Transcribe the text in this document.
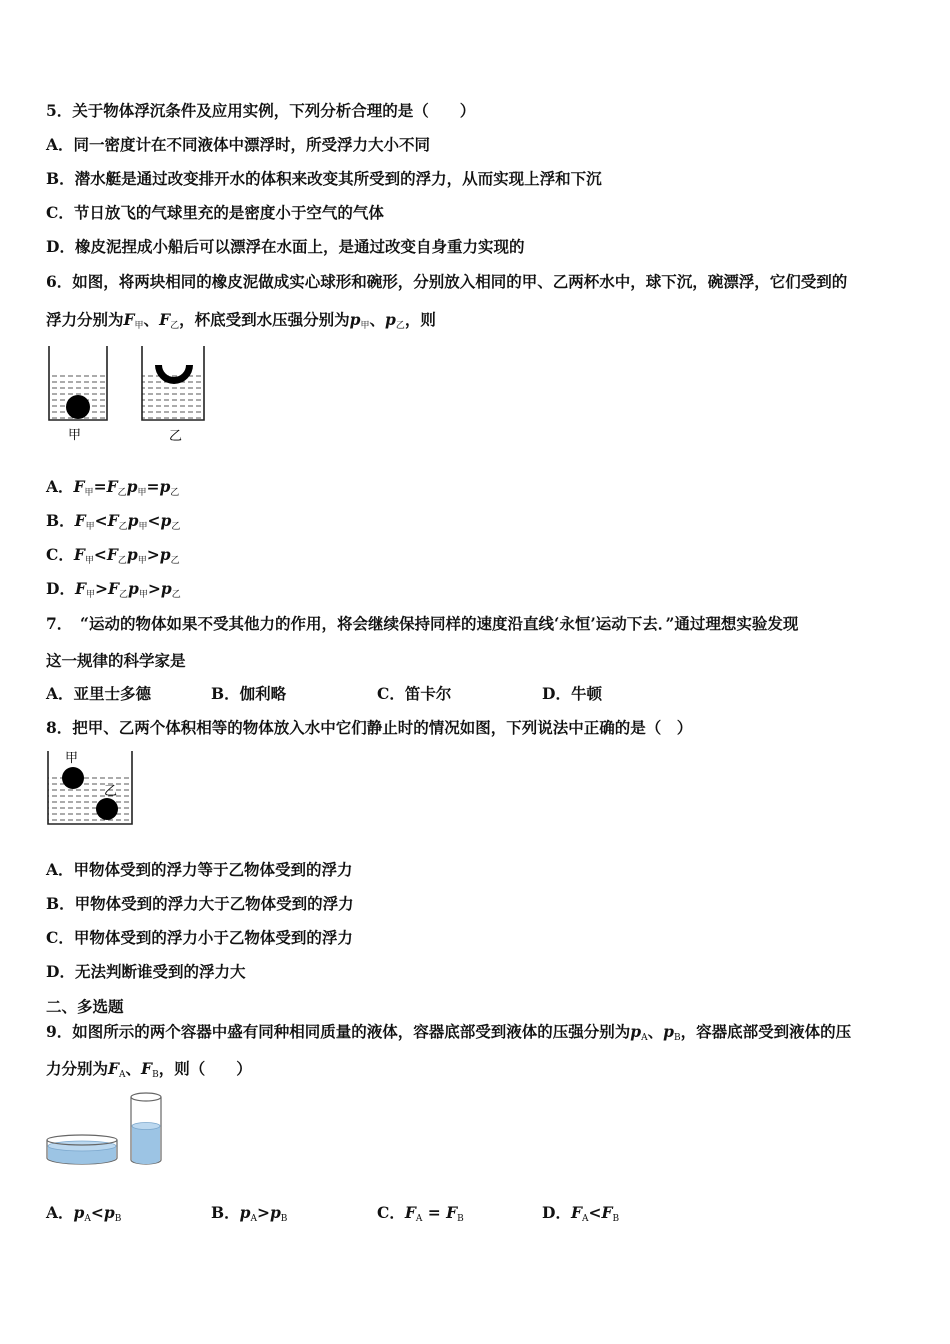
5．关于物体浮沉条件及应用实例，下列分析合理的是（　　）
A．同一密度计在不同液体中漂浮时，所受浮力大小不同
B．潜水艇是通过改变排开水的体积来改变其所受到的浮力，从而实现上浮和下沉
C．节日放飞的气球里充的是密度小于空气的气体
D．橡皮泥捏成小船后可以漂浮在水面上，是通过改变自身重力实现的
6．如图，将两块相同的橡皮泥做成实心球形和碗形，分别放入相同的甲、乙两杯水中，球下沉，碗漂浮，它们受到的
浮力分别为$F_甲$、$F_乙$，杯底受到水压强分别为$p_甲$、$p_乙$，则
甲	乙
A．$F_甲=F_乙p_甲=p_乙$
B．$F_甲<F_乙p_甲<p_乙$
C．$F_甲<F_乙p_甲>p_乙$
D．$F_甲>F_乙p_甲>p_乙$
7．　“运动的物体如果不受其他力的作用，将会继续保持同样的速度沿直线‘永恒’运动下去．”通过理想实验发现
这一规律的科学家是
A．亚里士多德	B．伽利略	C．笛卡尔	D．牛顿
8．把甲、乙两个体积相等的物体放入水中它们静止时的情况如图，下列说法中正确的是（　）
甲
乙
A．甲物体受到的浮力等于乙物体受到的浮力
B．甲物体受到的浮力大于乙物体受到的浮力
C．甲物体受到的浮力小于乙物体受到的浮力
D．无法判断谁受到的浮力大
二、多选题
9．如图所示的两个容器中盛有同种相同质量的液体，容器底部受到液体的压强分别为$p_A$、$p_B$，容器底部受到液体的压
力分别为$F_A$、$F_B$，则（　　）
A．$p_A<p_B$	B．$p_A>p_B$	C．$F_A = F_B$	D．$F_A<F_B$
